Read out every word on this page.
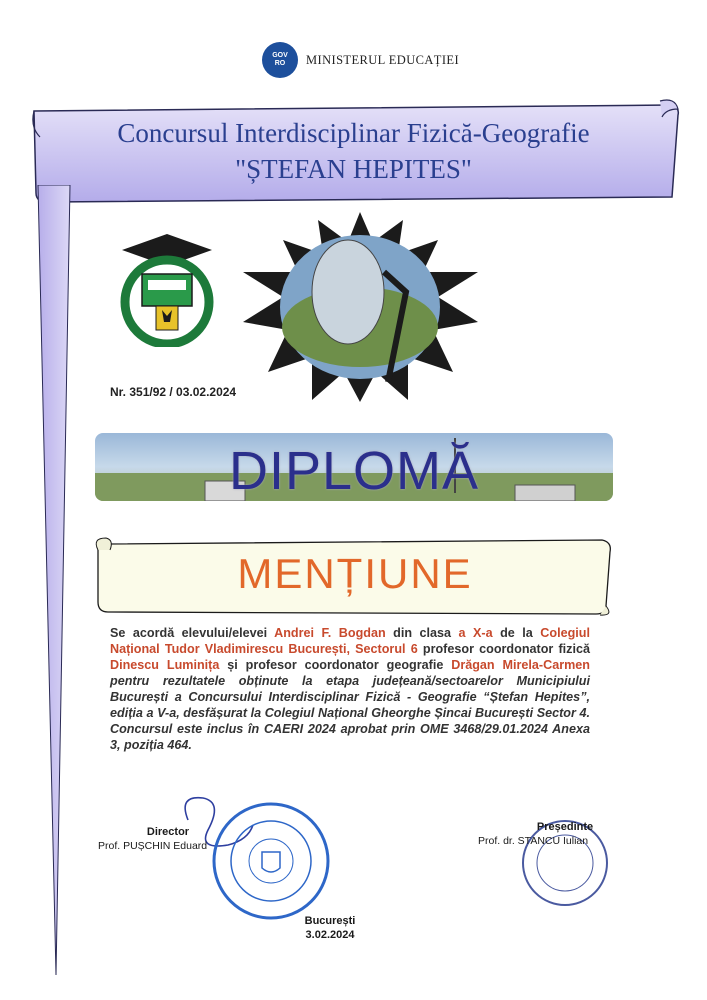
GOV
RO	MINISTERUL EDUCAȚIEI
Concursul Interdisciplinar Fizică-Geografie
"ȘTEFAN HEPITES"
Nr. 351/92 / 03.02.2024
DIPLOMĂ
MENȚIUNE
Se acordă elevului/elevei Andrei F. Bogdan din clasa a X-a de la Colegiul Național Tudor Vladimirescu București, Sectorul 6 profesor coordonator fizică Dinescu Luminița și profesor coordonator geografie Drăgan Mirela-Carmen pentru rezultatele obținute la etapa județeană/sectoarelor Municipiului București a Concursului Interdisciplinar Fizică - Geografie “Ștefan Hepites”, ediția a V-a, desfășurat la Colegiul Național Gheorghe Șincai București Sector 4. Concursul este inclus în CAERI 2024 aprobat prin OME 3468/29.01.2024 Anexa 3, poziția 464.
Director
Prof. PUȘCHIN Eduard
Președinte
Prof. dr. STANCU Iulian
București
3.02.2024
